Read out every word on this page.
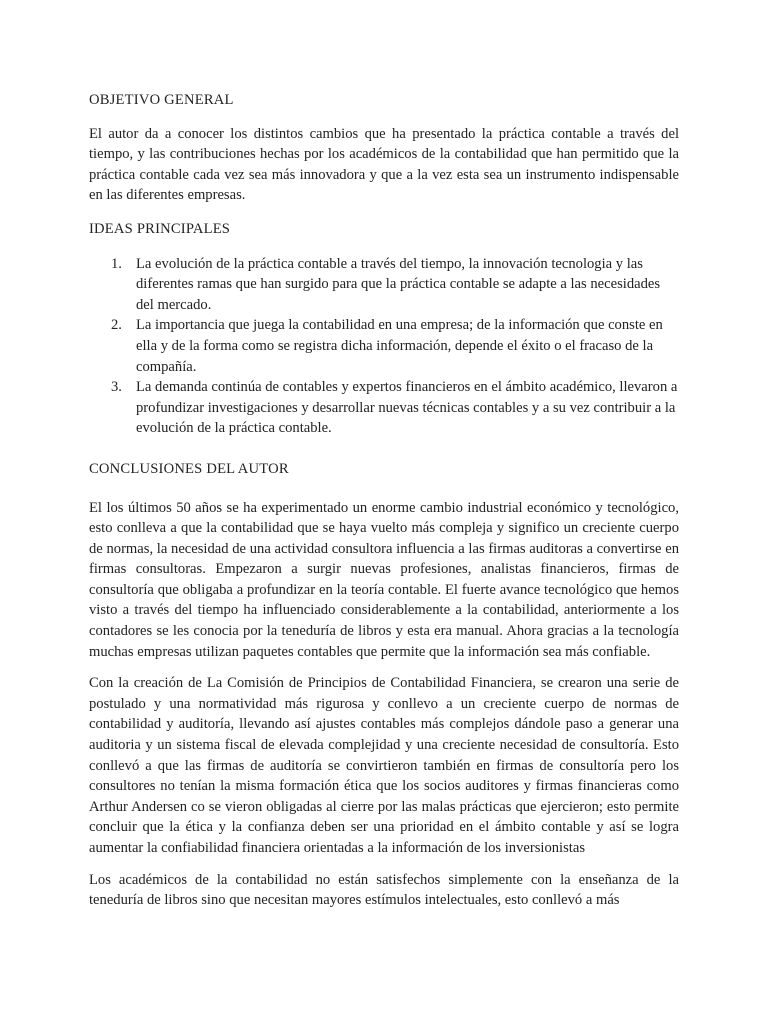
OBJETIVO GENERAL

El autor da a conocer los distintos cambios que ha presentado la práctica contable a través del tiempo, y las contribuciones hechas por los académicos de la contabilidad que han permitido que la práctica contable cada vez sea más innovadora y que a la vez esta sea un instrumento indispensable en las diferentes empresas.

IDEAS PRINCIPALES
1. La evolución de la práctica contable a través del tiempo, la innovación tecnologia y las diferentes ramas que han surgido para que la práctica contable se adapte a las necesidades del mercado.
2. La importancia que juega la contabilidad en una empresa; de la información que conste en ella y de la forma como se registra dicha información, depende el éxito o el fracaso de la compañía.
3. La demanda continúa de contables y expertos financieros en el ámbito académico, llevaron a profundizar investigaciones y desarrollar nuevas técnicas contables y a su vez contribuir a la evolución de la práctica contable.
CONCLUSIONES DEL AUTOR

El los últimos 50 años se ha experimentado un enorme cambio industrial económico y tecnológico, esto conlleva a que la contabilidad que se haya vuelto más compleja y significo un creciente cuerpo de normas, la necesidad de una actividad consultora influencia a las firmas auditoras a convertirse en firmas consultoras. Empezaron a surgir nuevas profesiones, analistas financieros, firmas de consultoría que obligaba a profundizar en la teoría contable. El fuerte avance tecnológico que hemos visto a través del tiempo ha influenciado considerablemente a la contabilidad, anteriormente a los contadores se les conocia por la teneduría de libros y esta era manual. Ahora gracias a la tecnología muchas empresas utilizan paquetes contables que permite que la información sea más confiable.

Con la creación de La Comisión de Principios de Contabilidad Financiera, se crearon una serie de postulado y una normatividad más rigurosa y conllevo a un creciente cuerpo de normas de contabilidad y auditoría, llevando así ajustes contables más complejos dándole paso a generar una auditoria y un sistema fiscal de elevada complejidad y una creciente necesidad de consultoría. Esto conllevó a que las firmas de auditoría se convirtieron también en firmas de consultoría pero los consultores no tenían la misma formación ética que los socios auditores y firmas financieras como Arthur Andersen co se vieron obligadas al cierre por las malas prácticas que ejercieron; esto permite concluir que la ética y la confianza deben ser una prioridad en el ámbito contable y así se logra aumentar la confiabilidad financiera orientadas a la información de los inversionistas

Los académicos de la contabilidad no están satisfechos simplemente con la enseñanza de la teneduría de libros sino que necesitan mayores estímulos intelectuales, esto conllevó a más
